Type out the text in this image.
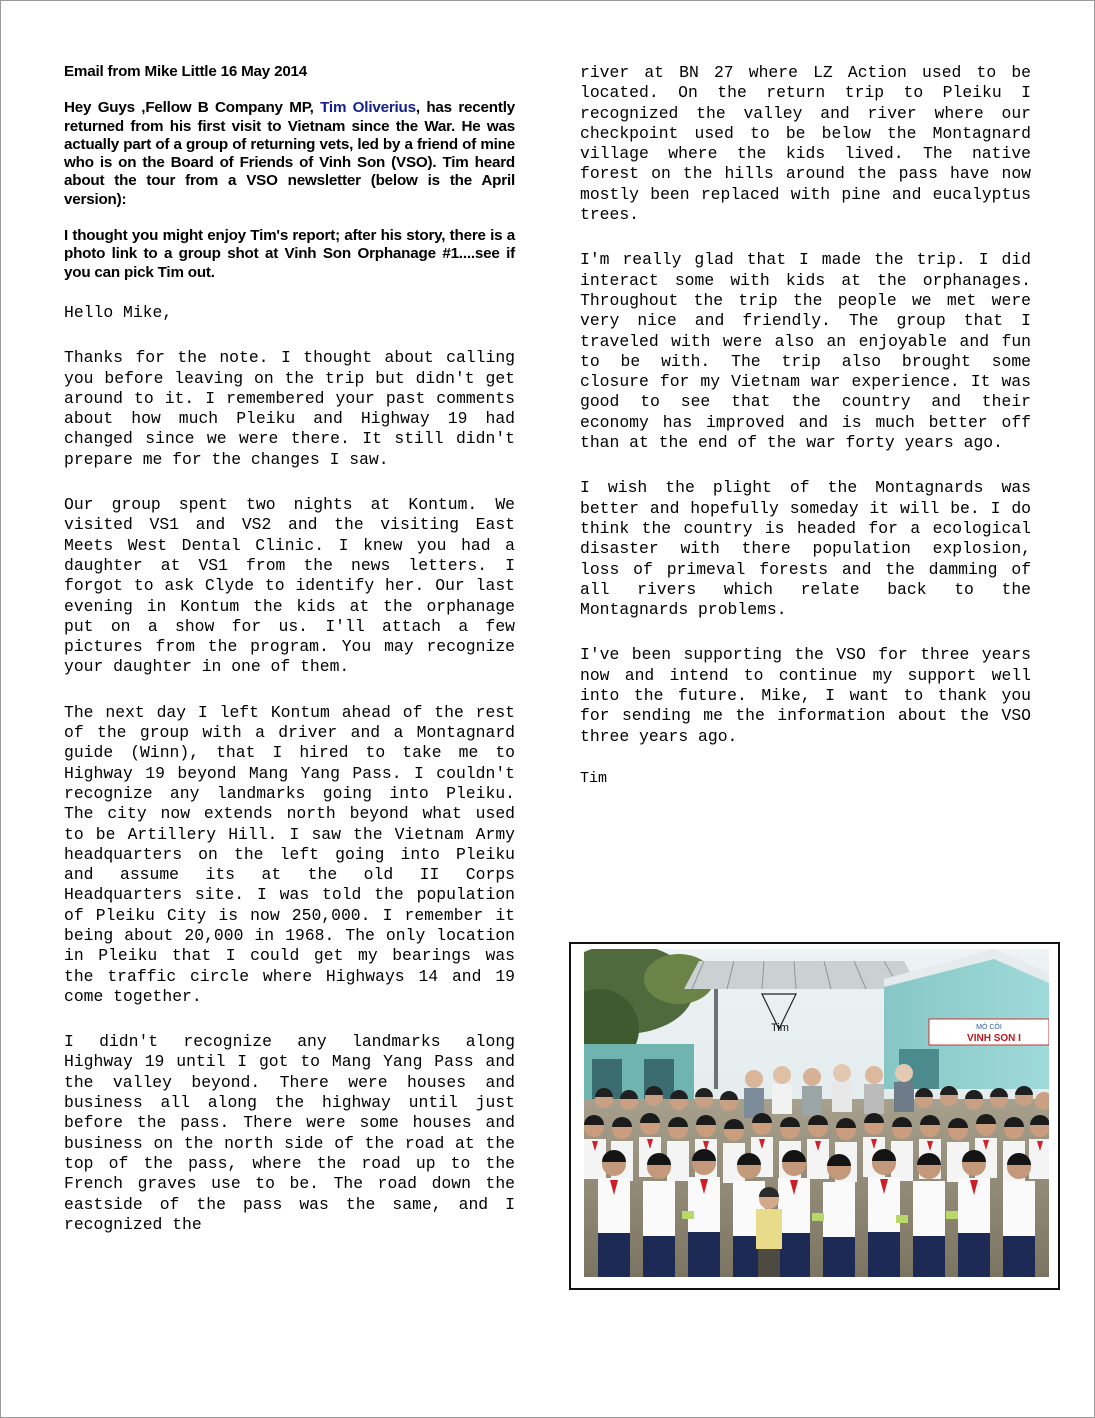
Email from Mike Little 16 May 2014

Hey Guys ,Fellow B Company MP, Tim Oliverius, has recently returned from his first visit to Vietnam since the War. He was actually part of a group of returning vets, led by a friend of mine who is on the Board of Friends of Vinh Son (VSO). Tim heard about the tour from a VSO newsletter (below is the April version):

I thought you might enjoy Tim's report; after his story, there is a photo link to a group shot at Vinh Son Orphanage #1....see if you can pick Tim out.

Hello Mike,

Thanks for the note. I thought about calling you before leaving on the trip but didn't get around to it. I remembered your past comments about how much Pleiku and Highway 19 had changed since we were there. It still didn't prepare me for the changes I saw.

Our group spent two nights at Kontum. We visited VS1 and VS2 and the visiting East Meets West Dental Clinic. I knew you had a daughter at VS1 from the news letters. I forgot to ask Clyde to identify her. Our last evening in Kontum the kids at the orphanage put on a show for us. I'll attach a few pictures from the program. You may recognize your daughter in one of them.

The next day I left Kontum ahead of the rest of the group with a driver and a Montagnard guide (Winn), that I hired to take me to Highway 19 beyond Mang Yang Pass. I couldn't recognize any landmarks going into Pleiku. The city now extends north beyond what used to be Artillery Hill. I saw the Vietnam Army headquarters on the left going into Pleiku and assume its at the old II Corps Headquarters site. I was told the population of Pleiku City is now 250,000. I remember it being about 20,000 in 1968. The only location in Pleiku that I could get my bearings was the traffic circle where Highways 14 and 19 come together.

I didn't recognize any landmarks along Highway 19 until I got to Mang Yang Pass and the valley beyond. There were houses and business all along the highway until just before the pass. There were some houses and business on the north side of the road at the top of the pass, where the road up to the French graves use to be. The road down the eastside of the pass was the same, and I recognized the

river at BN 27 where LZ Action used to be located. On the return trip to Pleiku I recognized the valley and river where our checkpoint used to be below the Montagnard village where the kids lived. The native forest on the hills around the pass have now mostly been replaced with pine and eucalyptus trees.

I'm really glad that I made the trip. I did interact some with kids at the orphanages. Throughout the trip the people we met were very nice and friendly. The group that I traveled with were also an enjoyable and fun to be with. The trip also brought some closure for my Vietnam war experience. It was good to see that the country and their economy has improved and is much better off than at the end of the war forty years ago.

I wish the plight of the Montagnards was better and hopefully someday it will be. I do think the country is headed for a ecological disaster with there population explosion, loss of primeval forests and the damming of all rivers which relate back to the Montagnards problems.

I've been supporting the VSO for three years now and intend to continue my support well into the future. Mike, I want to thank you for sending me the information about the VSO three years ago.

Tim

MÔ CÔI
VINH SON I
Tim
